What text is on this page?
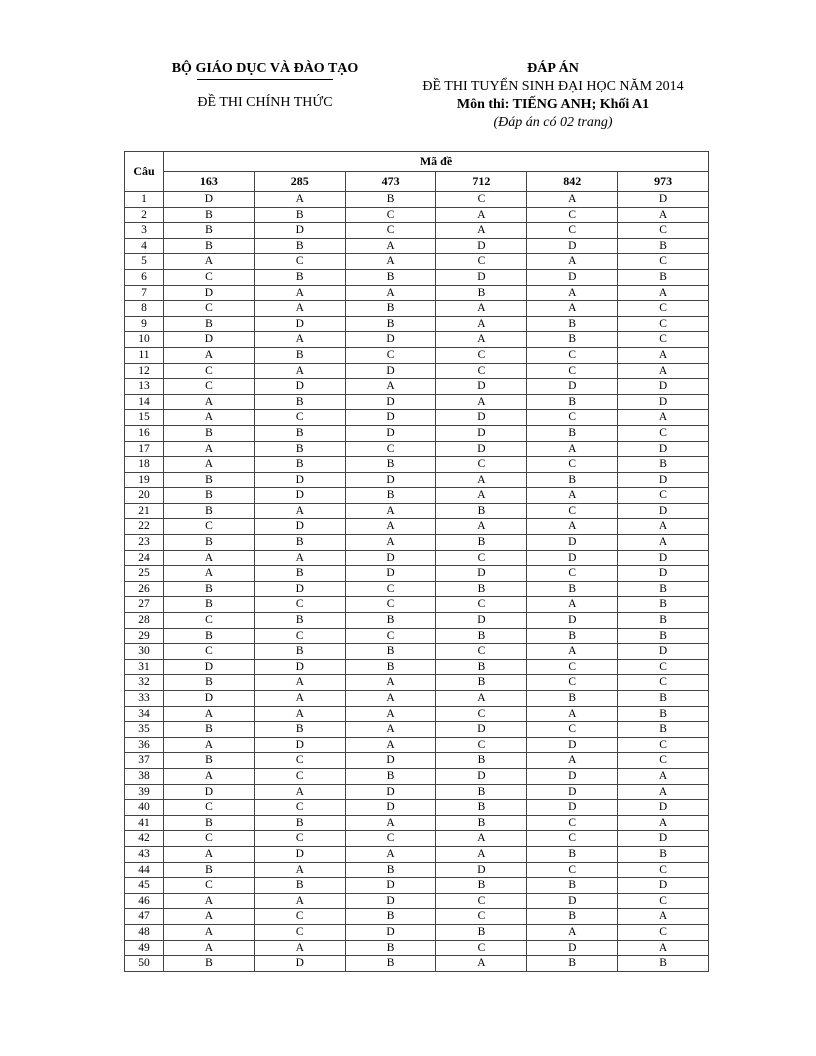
BỘ GIÁO DỤC VÀ ĐÀO TẠO
ĐỀ THI CHÍNH THỨC
ĐÁP ÁN
ĐỀ THI TUYỂN SINH ĐẠI HỌC NĂM 2014
Môn thi: TIẾNG ANH; Khối A1
(Đáp án có 02 trang)
Câu	Mã đề					
	163	285	473	712	842	973
1	D	A	B	C	A	D
2	B	B	C	A	C	A
3	B	D	C	A	C	C
4	B	B	A	D	D	B
5	A	C	A	C	A	C
6	C	B	B	D	D	B
7	D	A	A	B	A	A
8	C	A	B	A	A	C
9	B	D	B	A	B	C
10	D	A	D	A	B	C
11	A	B	C	C	C	A
12	C	A	D	C	C	A
13	C	D	A	D	D	D
14	A	B	D	A	B	D
15	A	C	D	D	C	A
16	B	B	D	D	B	C
17	A	B	C	D	A	D
18	A	B	B	C	C	B
19	B	D	D	A	B	D
20	B	D	B	A	A	C
21	B	A	A	B	C	D
22	C	D	A	A	A	A
23	B	B	A	B	D	A
24	A	A	D	C	D	D
25	A	B	D	D	C	D
26	B	D	C	B	B	B
27	B	C	C	C	A	B
28	C	B	B	D	D	B
29	B	C	C	B	B	B
30	C	B	B	C	A	D
31	D	D	B	B	C	C
32	B	A	A	B	C	C
33	D	A	A	A	B	B
34	A	A	A	C	A	B
35	B	B	A	D	C	B
36	A	D	A	C	D	C
37	B	C	D	B	A	C
38	A	C	B	D	D	A
39	D	A	D	B	D	A
40	C	C	D	B	D	D
41	B	B	A	B	C	A
42	C	C	C	A	C	D
43	A	D	A	A	B	B
44	B	A	B	D	C	C
45	C	B	D	B	B	D
46	A	A	D	C	D	C
47	A	C	B	C	B	A
48	A	C	D	B	A	C
49	A	A	B	C	D	A
50	B	D	B	A	B	B
